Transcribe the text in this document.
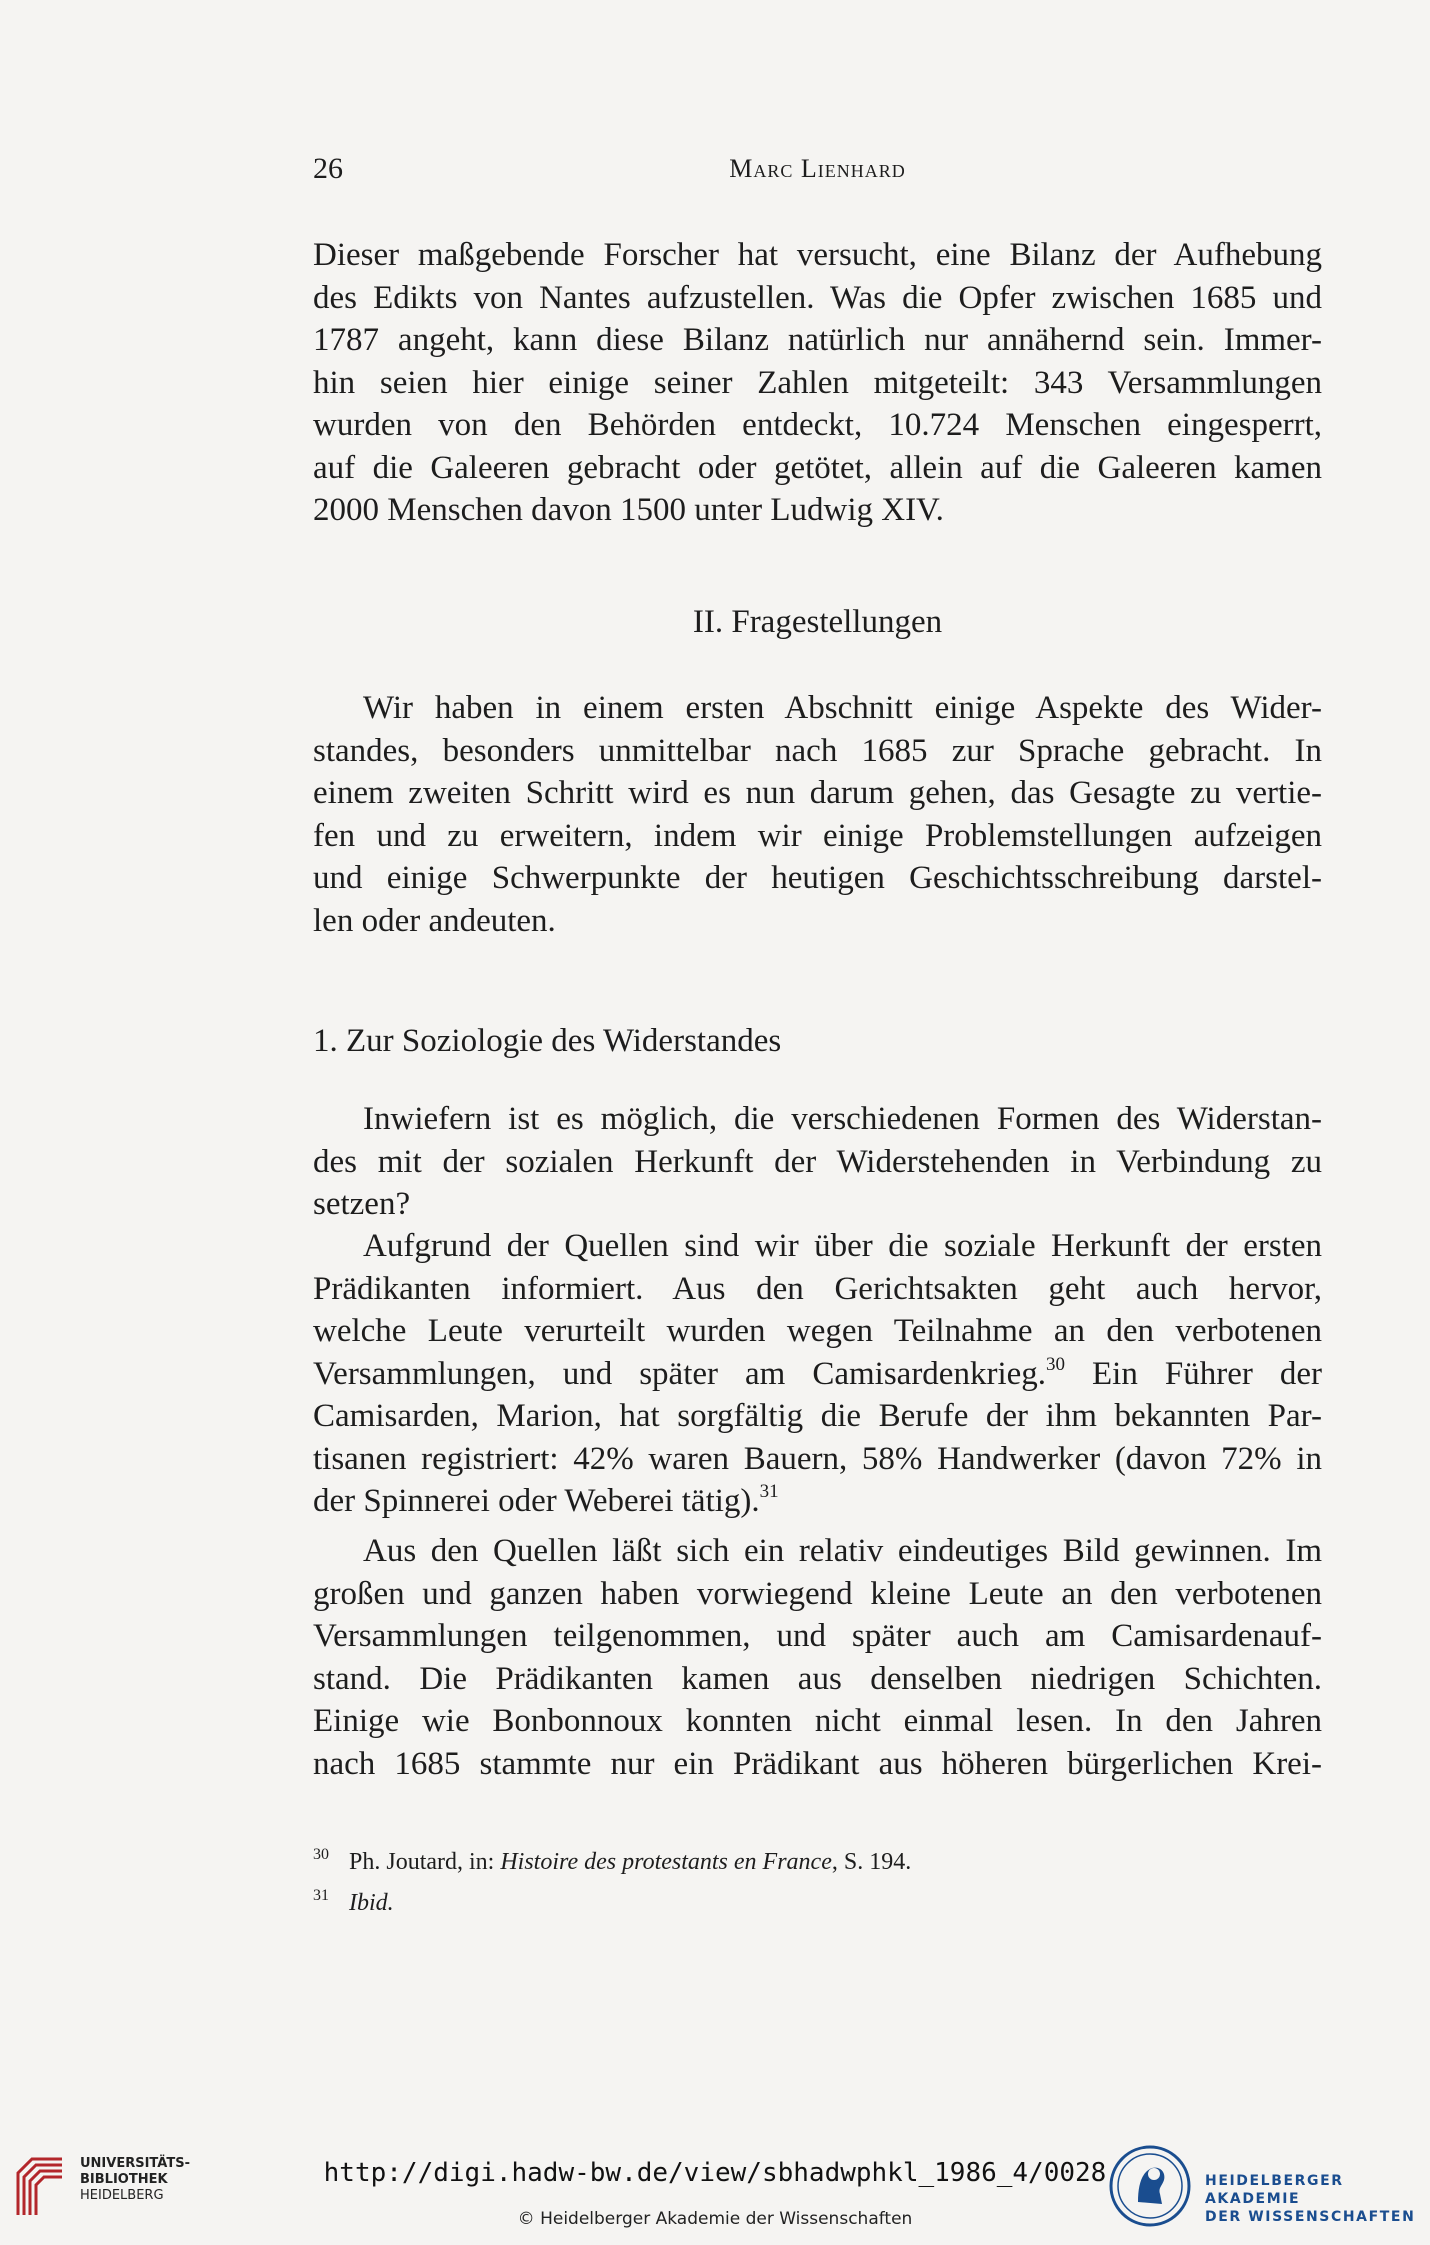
26	Marc Lienhard
Dieser maßgebende Forscher hat versucht, eine Bilanz der Aufhebung
des Edikts von Nantes aufzustellen. Was die Opfer zwischen 1685 und
1787 angeht, kann diese Bilanz natürlich nur annähernd sein. Immer-
hin seien hier einige seiner Zahlen mitgeteilt: 343 Versammlungen
wurden von den Behörden entdeckt, 10.724 Menschen eingesperrt,
auf die Galeeren gebracht oder getötet, allein auf die Galeeren kamen
2000 Menschen davon 1500 unter Ludwig XIV.
II. Fragestellungen
Wir haben in einem ersten Abschnitt einige Aspekte des Wider-
standes, besonders unmittelbar nach 1685 zur Sprache gebracht. In
einem zweiten Schritt wird es nun darum gehen, das Gesagte zu vertie-
fen und zu erweitern, indem wir einige Problemstellungen aufzeigen
und einige Schwerpunkte der heutigen Geschichtsschreibung darstel-
len oder andeuten.
1. Zur Soziologie des Widerstandes
Inwiefern ist es möglich, die verschiedenen Formen des Widerstan-
des mit der sozialen Herkunft der Widerstehenden in Verbindung zu
setzen?
Aufgrund der Quellen sind wir über die soziale Herkunft der ersten
Prädikanten informiert. Aus den Gerichtsakten geht auch hervor,
welche Leute verurteilt wurden wegen Teilnahme an den verbotenen
Versammlungen, und später am Camisardenkrieg.$^{30}$ Ein Führer der
Camisarden, Marion, hat sorgfältig die Berufe der ihm bekannten Par-
tisanen registriert: 42% waren Bauern, 58% Handwerker (davon 72% in
der Spinnerei oder Weberei tätig).$^{31}$
Aus den Quellen läßt sich ein relativ eindeutiges Bild gewinnen. Im
großen und ganzen haben vorwiegend kleine Leute an den verbotenen
Versammlungen teilgenommen, und später auch am Camisardenauf-
stand. Die Prädikanten kamen aus denselben niedrigen Schichten.
Einige wie Bonbonnoux konnten nicht einmal lesen. In den Jahren
nach 1685 stammte nur ein Prädikant aus höheren bürgerlichen Krei-
30 Ph. Joutard, in: Histoire des protestants en France, S. 194.
31 Ibid.
UNIVERSITÄTS-
BIBLIOTHEK
HEIDELBERG
http://digi.hadw-bw.de/view/sbhadwphkl_1986_4/0028
© Heidelberger Akademie der Wissenschaften
HEIDELBERGER AKADEMIE
DER WISSENSCHAFTEN
